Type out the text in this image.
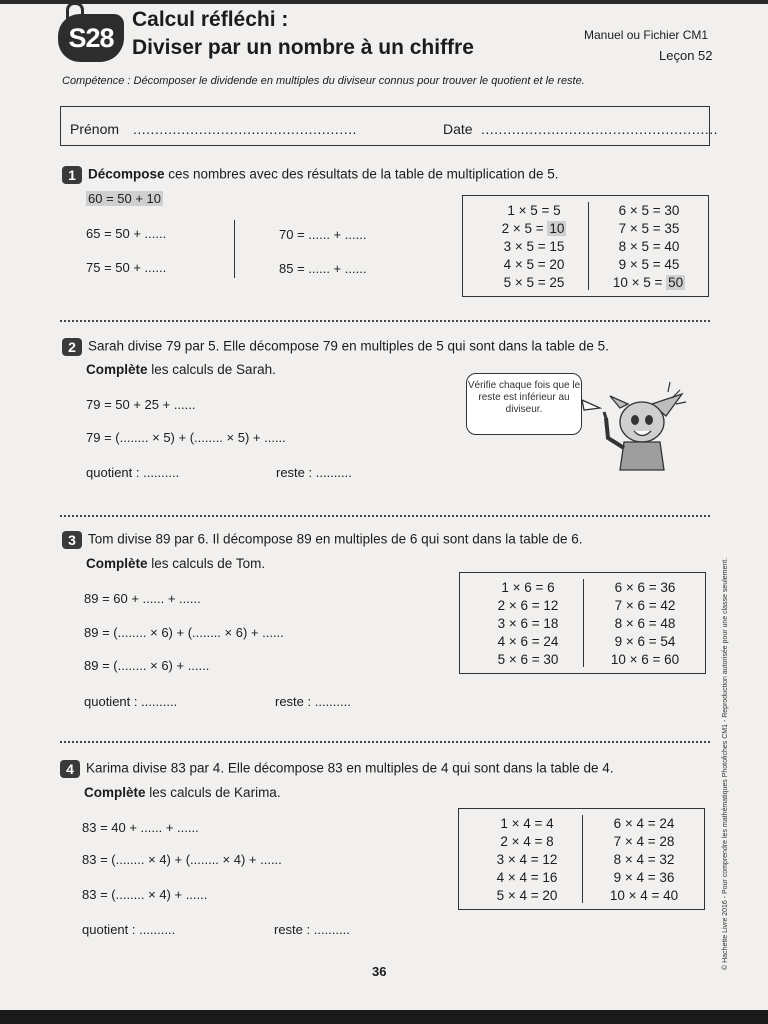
S28
Calcul réfléchi :
Diviser par un nombre à un chiffre
Manuel ou Fichier CM1
Leçon 52
Compétence : Décomposer le dividende en multiples du diviseur connus pour trouver le quotient et le reste.
Prénom ...................................................	Date ......................................................
1 Décompose ces nombres avec des résultats de la table de multiplication de 5.
60 = 50 + 10
65 = 50 + ......
75 = 50 + ......
70 = ...... + ......
85 = ...... + ......
1 × 5 = 5
2 × 5 = 10
3 × 5 = 15
4 × 5 = 20
5 × 5 = 25
6 × 5 = 30
7 × 5 = 35
8 × 5 = 40
9 × 5 = 45
10 × 5 = 50
2 Sarah divise 79 par 5. Elle décompose 79 en multiples de 5 qui sont dans la table de 5.
Complète les calculs de Sarah.
79 = 50 + 25 + ......
79 = (........ × 5) + (........ × 5) + ......
quotient : ..........	reste : ..........
Vérifie chaque fois que le reste est inférieur au diviseur.
3 Tom divise 89 par 6. Il décompose 89 en multiples de 6 qui sont dans la table de 6.
Complète les calculs de Tom.
89 = 60 + ...... + ......
89 = (........ × 6) + (........ × 6) + ......
89 = (........ × 6) + ......
quotient : ..........	reste : ..........
1 × 6 = 6
2 × 6 = 12
3 × 6 = 18
4 × 6 = 24
5 × 6 = 30
6 × 6 = 36
7 × 6 = 42
8 × 6 = 48
9 × 6 = 54
10 × 6 = 60
4 Karima divise 83 par 4. Elle décompose 83 en multiples de 4 qui sont dans la table de 4.
Complète les calculs de Karima.
83 = 40 + ...... + ......
83 = (........ × 4) + (........ × 4) + ......
83 = (........ × 4) + ......
quotient : ..........	reste : ..........
1 × 4 = 4
2 × 4 = 8
3 × 4 = 12
4 × 4 = 16
5 × 4 = 20
6 × 4 = 24
7 × 4 = 28
8 × 4 = 32
9 × 4 = 36
10 × 4 = 40	© Hachette Livre 2016 - Pour comprendre les mathématiques Photofiches CM1 - Reproduction autorisée pour une classe seulement.
36
